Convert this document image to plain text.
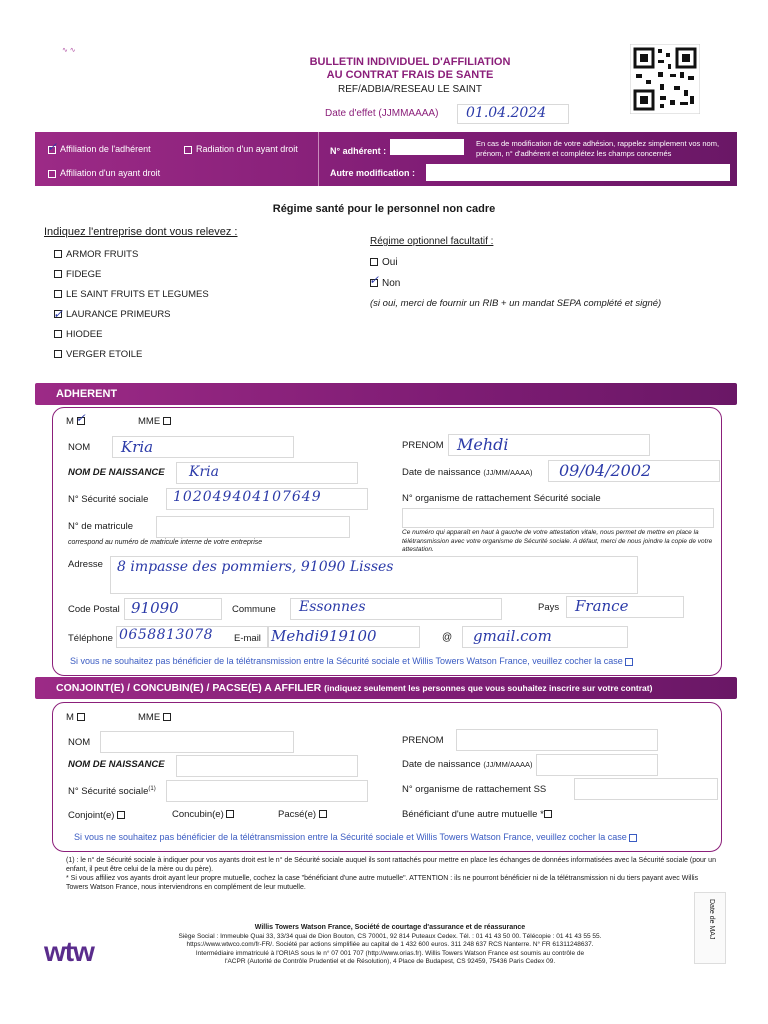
∿ ∿
BULLETIN INDIVIDUEL D'AFFILIATION
AU CONTRAT FRAIS DE SANTE
REF/ADBIA/RESEAU LE SAINT
Date d'effet (JJMMAAAA) 01.04.2024
✓Affiliation de l'adhérent	Radiation d'un ayant droit
Affiliation d'un ayant droit
N° adhérent :
Autre modification :
En cas de modification de votre adhésion, rappelez simplement vos nom, prénom, n° d'adhérent et complétez les champs concernés
Régime santé pour le personnel non cadre
Indiquez l'entreprise dont vous relevez :
ARMOR FRUITS
FIDEGE
LE SAINT FRUITS ET LEGUMES
✓LAURANCE PRIMEURS
HIODEE
VERGER ETOILE
Régime optionnel facultatif :
Oui
✓Non
(si oui, merci de fournir un RIB + un mandat SEPA complété et signé)
ADHERENT
M ✓	MME
NOM Kria	PRENOM Mehdi
NOM DE NAISSANCE Kria	Date de naissance (JJ/MM/AAAA) 09/04/2002
N° Sécurité sociale 102049404107649	N° organisme de rattachement Sécurité sociale
N° de matricule
correspond au numéro de matricule interne de votre entreprise
Ce numéro qui apparaît en haut à gauche de votre attestation vitale, nous permet de mettre en place la télétransmission avec votre organisme de Sécurité sociale. A défaut, merci de nous joindre la copie de votre attestation.
Adresse 8 impasse des pommiers, 91090 Lisses
Code Postal 91090	Commune Essonnes	Pays France
Téléphone 0658813078 E-mail Mehdi919100	@ gmail.com
Si vous ne souhaitez pas bénéficier de la télétransmission entre la Sécurité sociale et Willis Towers Watson France, veuillez cocher la case
CONJOINT(E) / CONCUBIN(E) / PACSE(E) A AFFILIER (indiquez seulement les personnes que vous souhaitez inscrire sur votre contrat)
M	MME
NOM	PRENOM
NOM DE NAISSANCE	Date de naissance (JJ/MM/AAAA)
N° Sécurité sociale$^{(1)}$	N° organisme de rattachement SS
Conjoint(e)	Concubin(e)	Pacsé(e)	Bénéficiant d'une autre mutuelle *
Si vous ne souhaitez pas bénéficier de la télétransmission entre la Sécurité sociale et Willis Towers Watson France, veuillez cocher la case
(1) : le n° de Sécurité sociale à indiquer pour vos ayants droit est le n° de Sécurité sociale auquel ils sont rattachés pour mettre en place les échanges de données informatisées avec la Sécurité sociale (pour un enfant, il peut être celui de la mère ou du père).
* Si vous affiliez vos ayants droit ayant leur propre mutuelle, cochez la case "bénéficiant d'une autre mutuelle". ATTENTION : ils ne pourront bénéficier ni de la télétransmission ni du tiers payant avec Willis Towers Watson France, nous interviendrons en complément de leur mutuelle.
wtw
Willis Towers Watson France, Société de courtage d'assurance et de réassurance
Siège Social : Immeuble Quai 33, 33/34 quai de Dion Bouton, CS 70001, 92 814 Puteaux Cedex. Tél. : 01 41 43 50 00. Télécopie : 01 41 43 55 55.
https://www.wtwco.com/fr-FR/. Société par actions simplifiée au capital de 1 432 600 euros. 311 248 637 RCS Nanterre. N° FR 61311248637.
Intermédiaire immatriculé à l'ORIAS sous le n° 07 001 707 (http://www.orias.fr). Willis Towers Watson France est soumis au contrôle de
l'ACPR (Autorité de Contrôle Prudentiel et de Résolution), 4 Place de Budapest, CS 92459, 75436 Paris Cedex 09.
Date de MAJ
